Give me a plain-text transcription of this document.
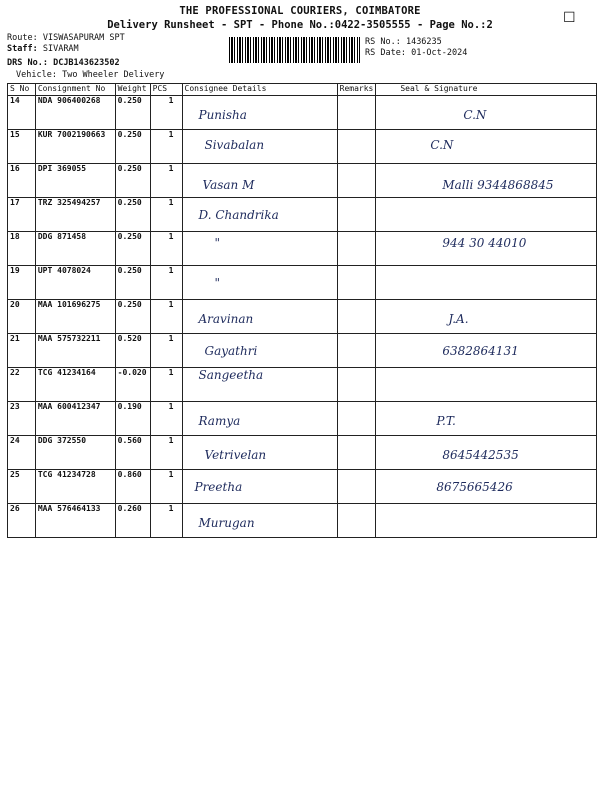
THE PROFESSIONAL COURIERS, COIMBATORE
Delivery Runsheet - SPT - Phone No.:0422-3505555 - Page No.:2	☐
Route: VISWASAPURAM SPT
Staff: SIVARAM
DRS No.: DCJB143623502
Vehicle: Two Wheeler Delivery
RS No.: 1436235
RS Date: 01-Oct-2024
S No	Consignment No	Weight	PCS	Consignee Details	Remarks	Seal & Signature
14	NDA 906400268	0.250	1	Punisha		C.N

15	KUR 7002190663	0.250	1	Sivabalan		C.N

16	DPI 369055	0.250	1	Vasan M		Malli 9344868845

17	TRZ 325494257	0.250	1	D. Chandrika		

18	DDG 871458	0.250	1	"		944 30 44010

19	UPT 4078024	0.250	1	"		

20	MAA 101696275	0.250	1	Aravinan		J.A.

21	MAA 575732211	0.520	1	Gayathri		6382864131

22	TCG 41234164	-0.020	1	Sangeetha		

23	MAA 600412347	0.190	1	Ramya		P.T.

24	DDG 372550	0.560	1	Vetrivelan		8645442535

25	TCG 41234728	0.860	1	Preetha		8675665426

26	MAA 576464133	0.260	1	Murugan		
